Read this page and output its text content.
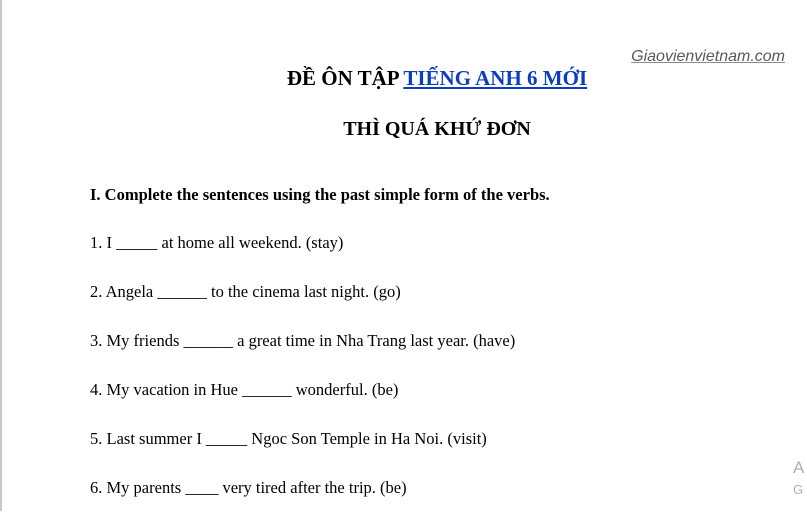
Giaovienvietnam.com
ĐỀ ÔN TẬP TIẾNG ANH 6 MỚI
THÌ QUÁ KHỨ ĐƠN
I. Complete the sentences using the past simple form of the verbs.
1. I _____ at home all weekend. (stay)
2. Angela ______ to the cinema last night. (go)
3. My friends ______ a great time in Nha Trang last year. (have)
4. My vacation in Hue ______ wonderful. (be)
5. Last summer I _____ Ngoc Son Temple in Ha Noi. (visit)
6. My parents ____ very tired after the trip. (be)
A
G
